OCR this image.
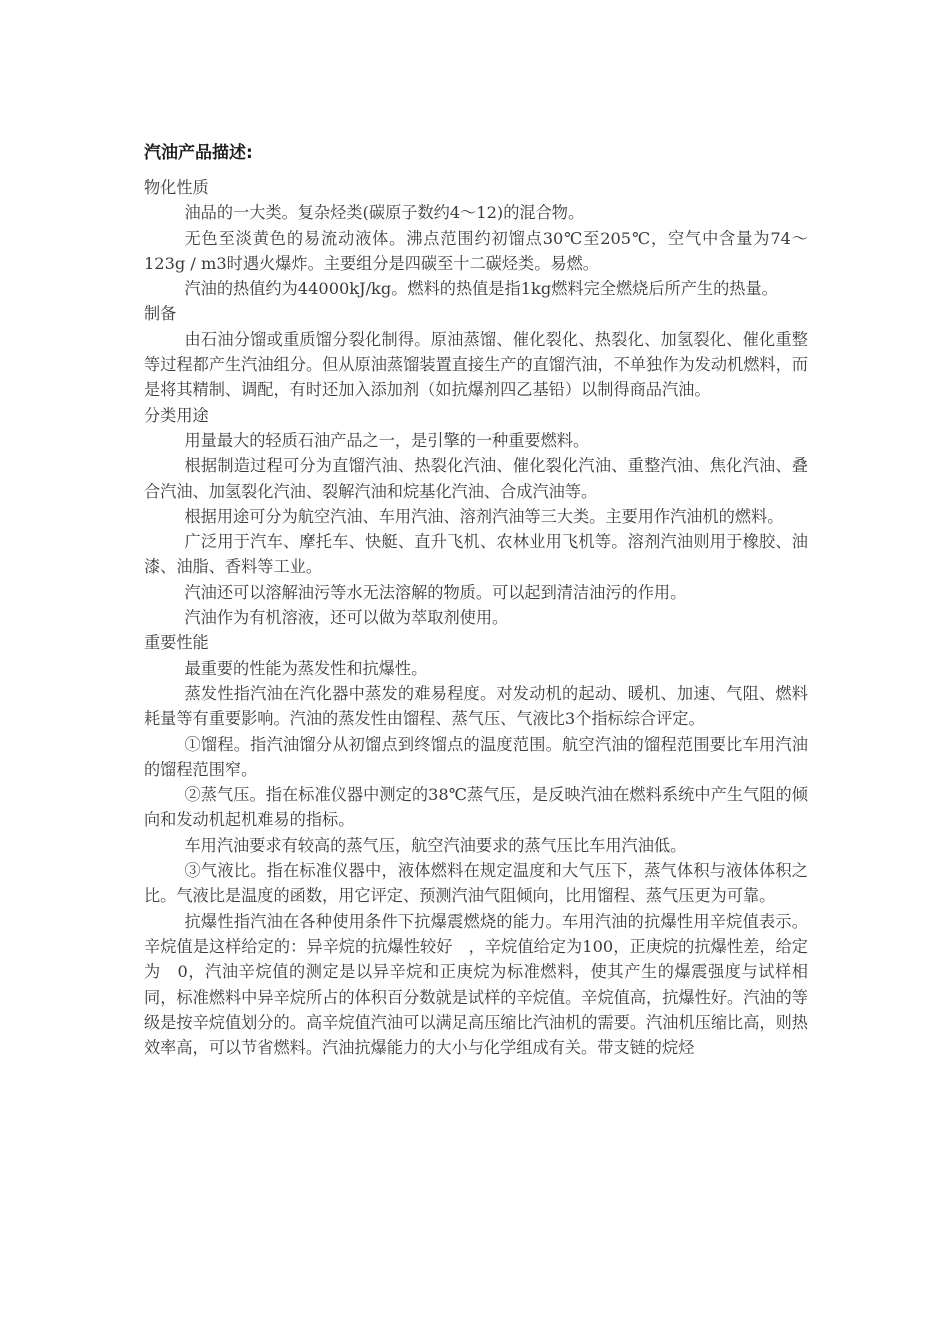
汽油产品描述:
物化性质

油品的一大类。复杂烃类(碳原子数约4～12)的混合物。

无色至淡黄色的易流动液体。沸点范围约初馏点30℃至205℃，空气中含量为74～123g / m3时遇火爆炸。主要组分是四碳至十二碳烃类。易燃。

汽油的热值约为44000kJ/kg。燃料的热值是指1kg燃料完全燃烧后所产生的热量。

制备

由石油分馏或重质馏分裂化制得。原油蒸馏、催化裂化、热裂化、加氢裂化、催化重整等过程都产生汽油组分。但从原油蒸馏装置直接生产的直馏汽油，不单独作为发动机燃料，而是将其精制、调配，有时还加入添加剂（如抗爆剂四乙基铅）以制得商品汽油。

分类用途

用量最大的轻质石油产品之一，是引擎的一种重要燃料。

根据制造过程可分为直馏汽油、热裂化汽油、催化裂化汽油、重整汽油、焦化汽油、叠合汽油、加氢裂化汽油、裂解汽油和烷基化汽油、合成汽油等。

根据用途可分为航空汽油、车用汽油、溶剂汽油等三大类。主要用作汽油机的燃料。

广泛用于汽车、摩托车、快艇、直升飞机、农林业用飞机等。溶剂汽油则用于橡胶、油漆、油脂、香料等工业。

汽油还可以溶解油污等水无法溶解的物质。可以起到清洁油污的作用。

汽油作为有机溶液，还可以做为萃取剂使用。

重要性能

最重要的性能为蒸发性和抗爆性。

蒸发性指汽油在汽化器中蒸发的难易程度。对发动机的起动、暖机、加速、气阻、燃料耗量等有重要影响。汽油的蒸发性由馏程、蒸气压、气液比3个指标综合评定。

①馏程。指汽油馏分从初馏点到终馏点的温度范围。航空汽油的馏程范围要比车用汽油的馏程范围窄。

②蒸气压。指在标准仪器中测定的38℃蒸气压，是反映汽油在燃料系统中产生气阻的倾向和发动机起机难易的指标。

车用汽油要求有较高的蒸气压，航空汽油要求的蒸气压比车用汽油低。

③气液比。指在标准仪器中，液体燃料在规定温度和大气压下，蒸气体积与液体体积之比。气液比是温度的函数，用它评定、预测汽油气阻倾向，比用馏程、蒸气压更为可靠。

抗爆性指汽油在各种使用条件下抗爆震燃烧的能力。车用汽油的抗爆性用辛烷值表示。辛烷值是这样给定的：异辛烷的抗爆性较好　，辛烷值给定为100，正庚烷的抗爆性差，给定为　0，汽油辛烷值的测定是以异辛烷和正庚烷为标准燃料，使其产生的爆震强度与试样相同，标准燃料中异辛烷所占的体积百分数就是试样的辛烷值。辛烷值高，抗爆性好。汽油的等级是按辛烷值划分的。高辛烷值汽油可以满足高压缩比汽油机的需要。汽油机压缩比高，则热效率高，可以节省燃料。汽油抗爆能力的大小与化学组成有关。带支链的烷烃
